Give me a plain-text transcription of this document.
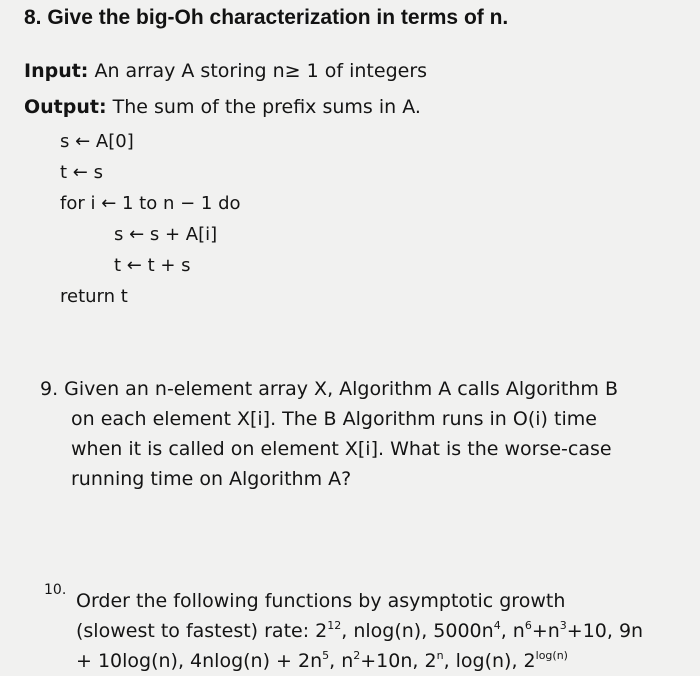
8. Give the big-Oh characterization in terms of n.
Input: An array A storing n≥ 1 of integers
Output: The sum of the prefix sums in A.
s ← A[0]
t ← s
for i ← 1 to n − 1 do
s ← s + A[i]
t ← t + s
return t
9. Given an n-element array X, Algorithm A calls Algorithm B
on each element X[i]. The B Algorithm runs in O(i) time
when it is called on element X[i]. What is the worse-case
running time on Algorithm A?
10. Order the following functions by asymptotic growth
(slowest to fastest) rate: $2^{12}$, nlog(n), $5000n^4$, $n^6+n^3+10$, 9n
+ 10log(n), $4nlog(n) + 2n^5$, $n^2+10n$, 2$^n$, log(n), $2^{log(n)}$
